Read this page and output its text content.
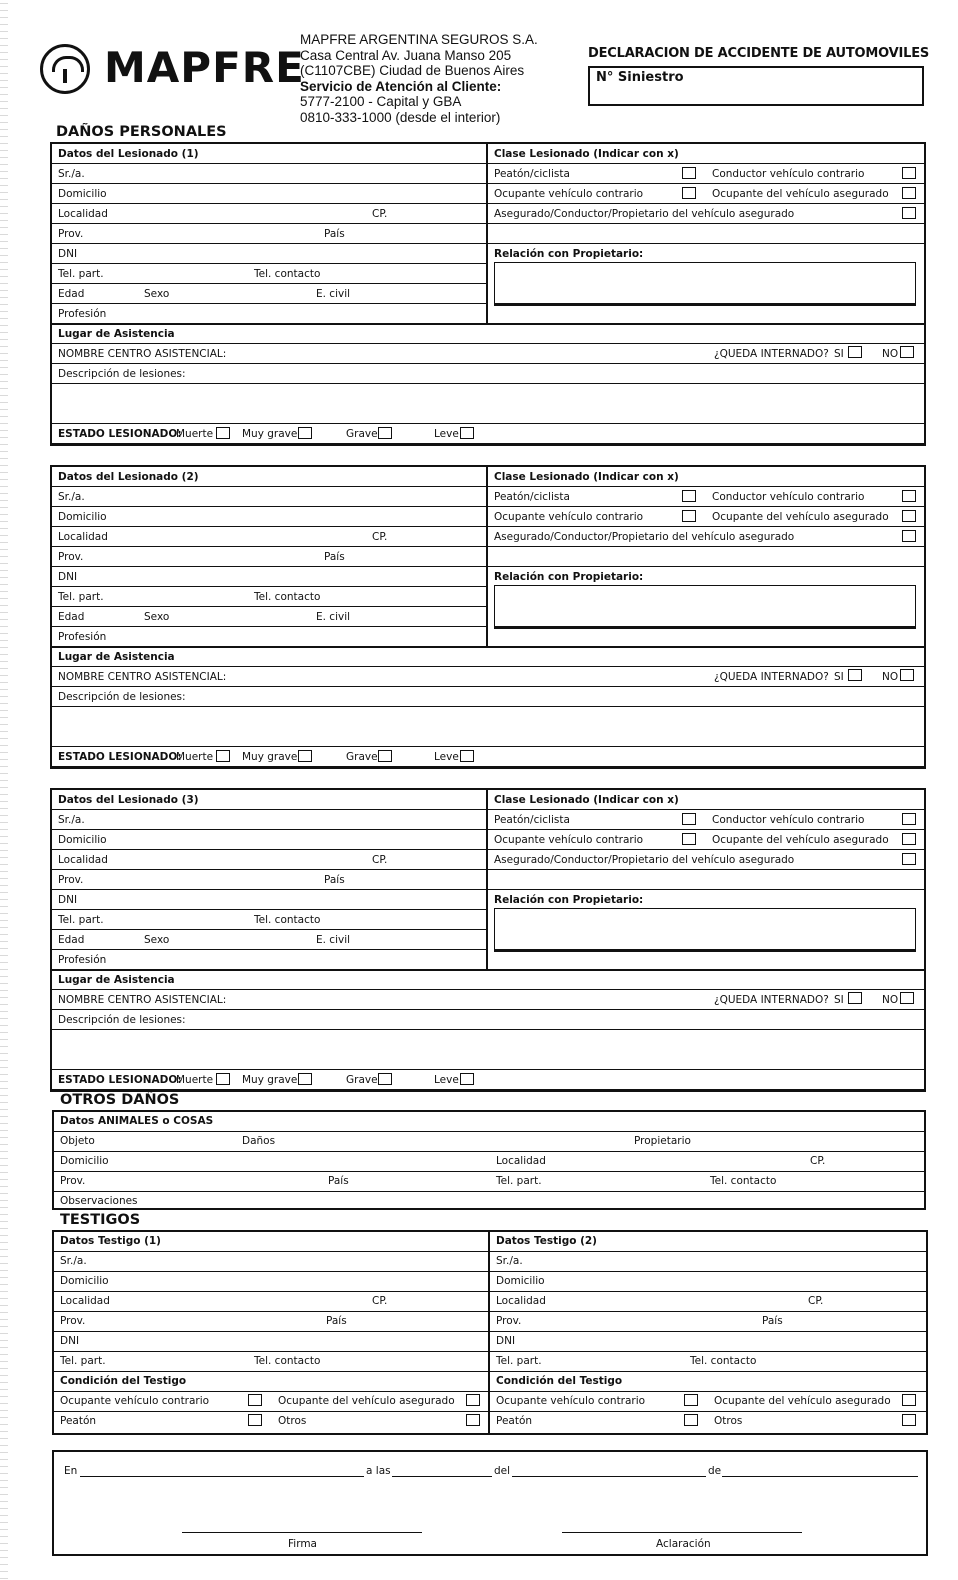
MAPFRE
MAPFRE ARGENTINA SEGUROS S.A.
Casa Central Av. Juana Manso 205
(C1107CBE) Ciudad de Buenos Aires
Servicio de Atención al Cliente:
5777-2100 - Capital y GBA
0810-333-1000 (desde el interior)
DECLARACION DE ACCIDENTE DE AUTOMOVILES
N° Siniestro
DAÑOS PERSONALES
Datos del Lesionado (1)
Sr./a.
Domicilio
Localidad	CP.
Prov.	País
DNI
Tel. part.	Tel. contacto
Edad	Sexo	E. civil
Profesión
Clase Lesionado (Indicar con x)
Peatón/ciclista	Conductor vehículo contrario
Ocupante vehículo contrario	Ocupante del vehículo asegurado
Asegurado/Conductor/Propietario del vehículo asegurado
Relación con Propietario:
Lugar de Asistencia
NOMBRE CENTRO ASISTENCIAL:	¿QUEDA INTERNADO? SI	NO
Descripción de lesiones:
ESTADO LESIONADO:
Muerte	Muy grave	Grave	Leve
Datos del Lesionado (2)
Sr./a.
Domicilio
Localidad	CP.
Prov.	País
DNI
Tel. part.	Tel. contacto
Edad	Sexo	E. civil
Profesión
Clase Lesionado (Indicar con x)
Peatón/ciclista	Conductor vehículo contrario
Ocupante vehículo contrario	Ocupante del vehículo asegurado
Asegurado/Conductor/Propietario del vehículo asegurado
Relación con Propietario:
Lugar de Asistencia
NOMBRE CENTRO ASISTENCIAL:	¿QUEDA INTERNADO? SI	NO
Descripción de lesiones:
ESTADO LESIONADO:
Muerte	Muy grave	Grave	Leve
Datos del Lesionado (3)
Sr./a.
Domicilio
Localidad	CP.
Prov.	País
DNI
Tel. part.	Tel. contacto
Edad	Sexo	E. civil
Profesión
Clase Lesionado (Indicar con x)
Peatón/ciclista	Conductor vehículo contrario
Ocupante vehículo contrario	Ocupante del vehículo asegurado
Asegurado/Conductor/Propietario del vehículo asegurado
Relación con Propietario:
Lugar de Asistencia
NOMBRE CENTRO ASISTENCIAL:	¿QUEDA INTERNADO? SI	NO
Descripción de lesiones:
ESTADO LESIONADO:
Muerte	Muy grave	Grave	Leve
OTROS DAÑOS
Datos ANIMALES o COSAS
Objeto	Daños	Propietario
Domicilio	Localidad	CP.
Prov.	País	Tel. part.	Tel. contacto
Observaciones
TESTIGOS
Datos Testigo (1)
Sr./a.
Domicilio
Localidad	CP.
Prov.	País
DNI
Tel. part.	Tel. contacto
Condición del Testigo
Ocupante vehículo contrario	Ocupante del vehículo asegurado
Peatón	Otros
Datos Testigo (2)
Sr./a.
Domicilio
Localidad	CP.
Prov.	País
DNI
Tel. part.	Tel. contacto
Condición del Testigo
Ocupante vehículo contrario	Ocupante del vehículo asegurado
Peatón	Otros
En	a las	del	de
Firma	Aclaración
